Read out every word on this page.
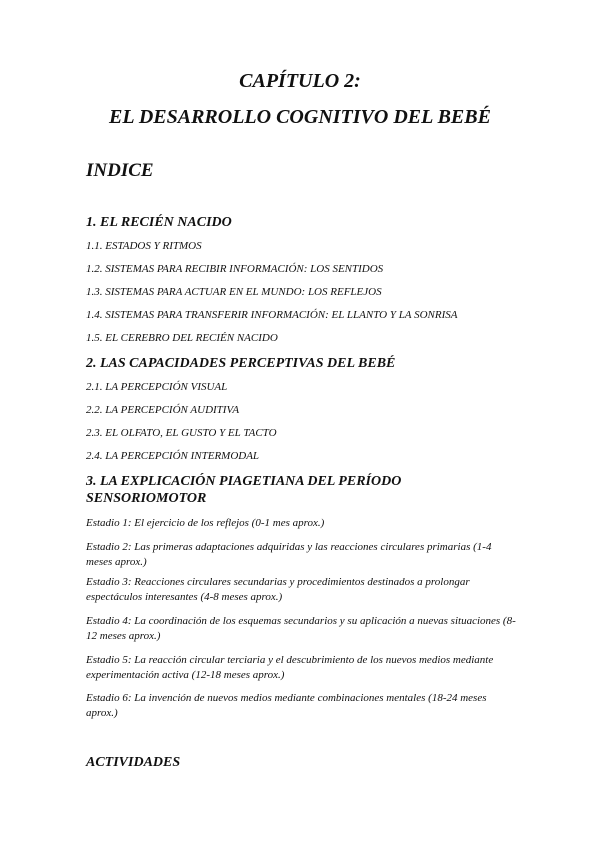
CAPÍTULO 2:
EL DESARROLLO COGNITIVO DEL BEBÉ
INDICE
1. EL RECIÉN NACIDO

1.1. ESTADOS Y RITMOS

1.2. SISTEMAS PARA RECIBIR INFORMACIÓN: LOS SENTIDOS

1.3. SISTEMAS PARA ACTUAR EN EL MUNDO: LOS REFLEJOS

1.4. SISTEMAS PARA TRANSFERIR INFORMACIÓN: EL LLANTO Y LA SONRISA

1.5. EL CEREBRO DEL RECIÉN NACIDO

2. LAS CAPACIDADES PERCEPTIVAS DEL BEBÉ

2.1. LA PERCEPCIÓN VISUAL

2.2. LA PERCEPCIÓN AUDITIVA

2.3. EL OLFATO, EL GUSTO Y EL TACTO

2.4. LA PERCEPCIÓN INTERMODAL

3. LA EXPLICACIÓN PIAGETIANA DEL PERÍODO SENSORIOMOTOR

Estadio 1: El ejercicio de los reflejos (0-1 mes aprox.)

Estadio 2: Las primeras adaptaciones adquiridas y las reacciones circulares primarias (1-4 meses aprox.)

Estadio 3: Reacciones circulares secundarias y procedimientos destinados a prolongar espectáculos interesantes (4-8 meses aprox.)

Estadio 4: La coordinación de los esquemas secundarios y su aplicación a nuevas situaciones (8-12 meses aprox.)

Estadio 5: La reacción circular terciaria y el descubrimiento de los nuevos medios mediante experimentación activa (12-18 meses aprox.)

Estadio 6: La invención de nuevos medios mediante combinaciones mentales (18-24 meses aprox.)

ACTIVIDADES
